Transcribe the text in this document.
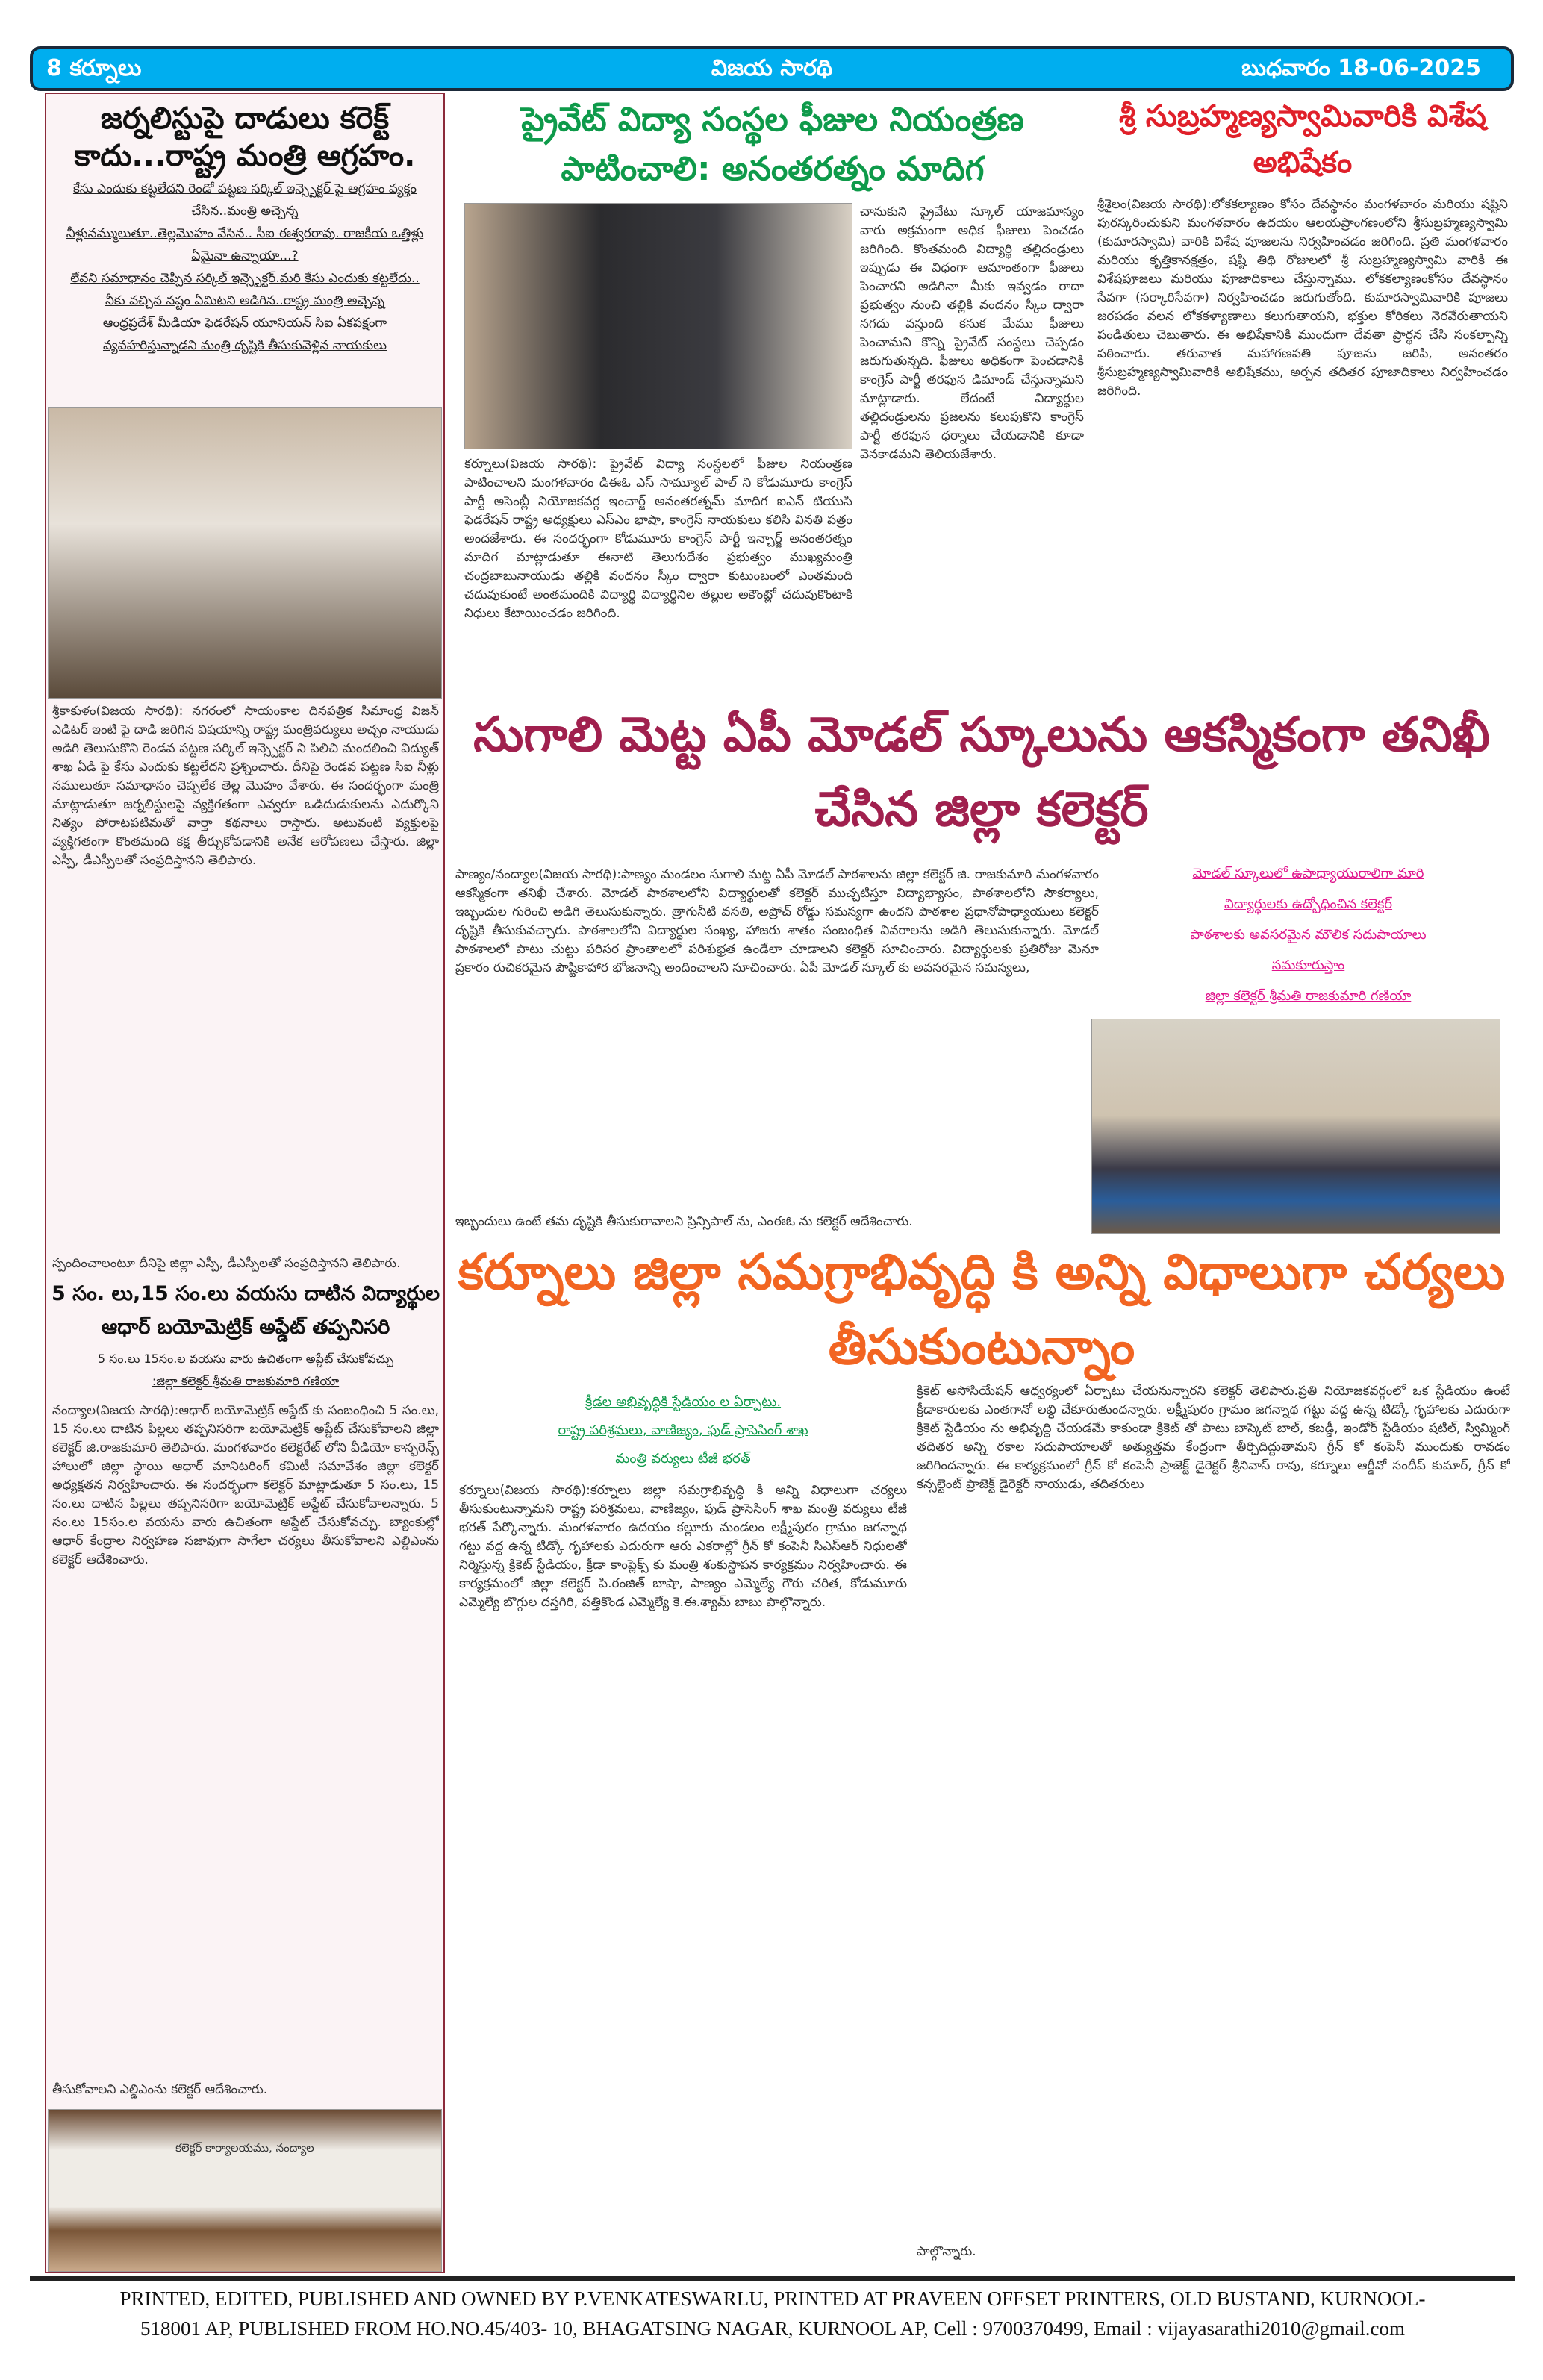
8 కర్నూలు	విజయ సారథి	బుధవారం 18-06-2025
జర్నలిస్టుపై దాడులు కరెక్ట్ కాదు...రాష్ట్ర మంత్రి ఆగ్రహం.
కేసు ఎందుకు కట్టలేదని రెండో పట్టణ సర్కిల్ ఇన్స్పెక్టర్ పై ఆగ్రహం వ్యక్తం చేసిన..మంత్రి అచ్చెన్న
నీళ్లునమ్ములుతూ..తెల్లమొహం వేసిన.. సీఐ ఈశ్వరరావు. రాజకీయ ఒత్తిళ్లు ఏమైనా ఉన్నాయా...?
లేవని సమాధానం చెప్పిన సర్కిల్ ఇన్స్పెక్టర్.మరి కేసు ఎందుకు కట్టలేదు..
నీకు వచ్చిన నష్టం ఏమిటని అడిగిన..రాష్ట్ర మంత్రి అచ్చెన్న
ఆంధ్రప్రదేశ్ మీడియా ఫెడరేషన్ యూనియన్ సిఐ ఏకపక్షంగా వ్యవహరిస్తున్నాడని మంత్రి దృష్టికి తీసుకువెళ్లిన నాయకులు
శ్రీకాకుళం(విజయ సారథి): నగరంలో సాయంకాల దినపత్రిక సిమాంధ్ర విజన్ ఎడిటర్ ఇంటి పై దాడి జరిగిన విషయాన్ని రాష్ట్ర మంత్రివర్యులు అచ్చం నాయుడు అడిగి తెలుసుకొని రెండవ పట్టణ సర్కిల్ ఇన్స్పెక్టర్ ని పిలిచి మందలించి విద్యుత్ శాఖ ఏడి పై కేసు ఎందుకు కట్టలేదని ప్రశ్నించారు. దీనిపై రెండవ పట్టణ సిఐ నీళ్లు నములుతూ సమాధానం చెప్పలేక తెల్ల మొహం వేశారు. ఈ సందర్భంగా మంత్రి మాట్లాడుతూ జర్నలిస్టులపై వ్యక్తిగతంగా ఎవ్వరూ ఒడిదుడుకులను ఎదుర్కొని నిత్యం పోరాటపటిమతో వార్తా కథనాలు రాస్తారు. అటువంటి వ్యక్తులపై వ్యక్తిగతంగా కొంతమంది కక్ష తీర్చుకోవడానికి అనేక ఆరోపణలు చేస్తారు. జిల్లా ఎస్పీ, డీఎస్పీలతో సంప్రదిస్తానని తెలిపారు.
స్పందించాలంటూ దీనిపై జిల్లా ఎస్పీ, డీఎస్పీలతో సంప్రదిస్తానని తెలిపారు.
5 సం. లు,15 సం.లు వయసు దాటిన విద్యార్థుల ఆధార్ బయోమెట్రిక్ అప్డేట్ తప్పనిసరి
5 సం.లు 15సం.ల వయసు వారు ఉచితంగా అప్డేట్ చేసుకోవచ్చు
:జిల్లా కలెక్టర్ శ్రీమతి రాజకుమారి గణియా
నంద్యాల(విజయ సారథి):ఆధార్ బయోమెట్రిక్ అప్డేట్ కు సంబంధించి 5 సం.లు, 15 సం.లు దాటిన పిల్లలు తప్పనిసరిగా బయోమెట్రిక్ అప్డేట్ చేసుకోవాలని జిల్లా కలెక్టర్ జి.రాజకుమారి తెలిపారు. మంగళవారం కలెక్టరేట్ లోని వీడియో కాన్ఫరెన్స్ హాలులో జిల్లా స్థాయి ఆధార్ మానిటరింగ్ కమిటీ సమావేశం జిల్లా కలెక్టర్ అధ్యక్షతన నిర్వహించారు. ఈ సందర్భంగా కలెక్టర్ మాట్లాడుతూ 5 సం.లు, 15 సం.లు దాటిన పిల్లలు తప్పనిసరిగా బయోమెట్రిక్ అప్డేట్ చేసుకోవాలన్నారు. 5 సం.లు 15సం.ల వయసు వారు ఉచితంగా అప్డేట్ చేసుకోవచ్చు. బ్యాంకుల్లో ఆధార్ కేంద్రాల నిర్వహణ సజావుగా సాగేలా చర్యలు తీసుకోవాలని ఎల్డిఎంను కలెక్టర్ ఆదేశించారు.
తీసుకోవాలని ఎల్డిఎంను కలెక్టర్ ఆదేశించారు.
కలెక్టర్ కార్యాలయము, నంద్యాల
ప్రైవేట్ విద్యా సంస్థల ఫీజుల నియంత్రణ పాటించాలి: అనంతరత్నం మాదిగ
కర్నూలు(విజయ సారథి): ప్రైవేట్ విద్యా సంస్థలలో ఫీజుల నియంత్రణ పాటించాలని మంగళవారం డిఈఓ ఎస్ సామ్యూల్ పాల్ ని కోడుమూరు కాంగ్రెస్ పార్టీ అసెంబ్లీ నియోజకవర్గ ఇంచార్జ్ అనంతరత్నమ్ మాదిగ ఐఎన్ టియుసి ఫెడరేషన్ రాష్ట్ర అధ్యక్షులు ఎస్ఎం భాషా, కాంగ్రెస్ నాయకులు కలిసి వినతి పత్రం అందజేశారు. ఈ సందర్భంగా కోడుమూరు కాంగ్రెస్ పార్టీ ఇన్చార్జ్ అనంతరత్నం మాదిగ మాట్లాడుతూ ఈనాటి తెలుగుదేశం ప్రభుత్వం ముఖ్యమంత్రి చంద్రబాబునాయుడు తల్లికి వందనం స్కీం ద్వారా కుటుంబంలో ఎంతమంది చదువుకుంటే అంతమందికి విద్యార్థి విద్యార్థినిల తల్లుల అకౌంట్లో చదువుకొంటాకి నిధులు కేటాయించడం జరిగింది.
చానుకుని ప్రైవేటు స్కూల్ యాజమాన్యం వారు అక్రమంగా అధిక ఫీజులు పెంచడం జరిగింది. కొంతమంది విద్యార్థి తల్లిదండ్రులు ఇప్పుడు ఈ విధంగా ఆమాంతంగా ఫీజులు పెంచారని అడిగినా మీకు ఇవ్వడం రాదా ప్రభుత్వం నుంచి తల్లికి వందనం స్కీం ద్వారా నగదు వస్తుంది కనుక మేము ఫీజులు పెంచామని కొన్ని ప్రైవేట్ సంస్థలు చెప్పడం జరుగుతున్నది. ఫీజులు అధికంగా పెంచడానికి కాంగ్రెస్ పార్టీ తరఫున డిమాండ్ చేస్తున్నామని మాట్లాడారు. లేదంటే విద్యార్థుల తల్లిదండ్రులను ప్రజలను కలుపుకొని కాంగ్రెస్ పార్టీ తరఫున ధర్నాలు చేయడానికి కూడా వెనకాడమని తెలియజేశారు.
శ్రీ సుబ్రహ్మణ్యస్వామివారికి విశేష అభిషేకం
శ్రీశైలం(విజయ సారథి):లోకకల్యాణం కోసం దేవస్థానం మంగళవారం మరియు షష్టిని పురస్కరించుకుని మంగళవారం ఉదయం ఆలయప్రాంగణంలోని శ్రీసుబ్రహ్మణ్యస్వామి (కుమారస్వామి) వారికి విశేష పూజలను నిర్వహించడం జరిగింది. ప్రతి మంగళవారం మరియు కృత్తికానక్షత్రం, షష్ఠి తిథి రోజులలో శ్రీ సుబ్రహ్మణ్యస్వామి వారికి ఈ విశేషపూజలు మరియు పూజాదికాలు చేస్తున్నాము. లోకకల్యాణంకోసం దేవస్థానం సేవగా (సర్కారిసేవగా) నిర్వహించడం జరుగుతోంది. కుమారస్వామివారికి పూజలు జరపడం వలన లోకకళ్యాణాలు కలుగుతాయని, భక్తుల కోరికలు నెరవేరుతాయని పండితులు చెబుతారు. ఈ అభిషేకానికి ముందుగా దేవతా ప్రార్థన చేసి సంకల్పాన్ని పఠించారు. తరువాత మహాగణపతి పూజను జరిపి, అనంతరం శ్రీసుబ్రహ్మణ్యస్వామివారికి అభిషేకము, అర్చన తదితర పూజాదికాలు నిర్వహించడం జరిగింది.
సుగాలి మెట్ట ఏపీ మోడల్ స్కూలును ఆకస్మికంగా తనిఖీ చేసిన జిల్లా కలెక్టర్
పాణ్యం/నంద్యాల(విజయ సారథి):పాణ్యం మండలం సుగాలి మట్ట ఏపీ మోడల్ పాఠశాలను జిల్లా కలెక్టర్ జి. రాజకుమారి మంగళవారం ఆకస్మికంగా తనిఖీ చేశారు. మోడల్ పాఠశాలలోని విద్యార్థులతో కలెక్టర్ ముచ్చటిస్తూ విద్యాభ్యాసం, పాఠశాలలోని సౌకర్యాలు, ఇబ్బందుల గురించి అడిగి తెలుసుకున్నారు. త్రాగునీటి వసతి, అప్రోచ్ రోడ్డు సమస్యగా ఉందని పాఠశాల ప్రధానోపాధ్యాయులు కలెక్టర్ దృష్టికి తీసుకువచ్చారు. పాఠశాలలోని విద్యార్థుల సంఖ్య, హాజరు శాతం సంబంధిత వివరాలను అడిగి తెలుసుకున్నారు. మోడల్ పాఠశాలలో పాటు చుట్టు పరిసర ప్రాంతాలలో పరిశుభ్రత ఉండేలా చూడాలని కలెక్టర్ సూచించారు. విద్యార్థులకు ప్రతిరోజు మెనూ ప్రకారం రుచికరమైన పౌష్టికాహార భోజనాన్ని అందించాలని సూచించారు. ఏపీ మోడల్ స్కూల్ కు అవసరమైన సమస్యలు,
ఇబ్బందులు ఉంటే తమ దృష్టికి తీసుకురావాలని ప్రిన్సిపాల్ ను, ఎంఈఓ ను కలెక్టర్ ఆదేశించారు.
మోడల్ స్కూలులో ఉపాధ్యాయురాలిగా మారి
విద్యార్థులకు ఉద్బోధించిన కలెక్టర్
పాఠశాలకు అవసరమైన మౌలిక సదుపాయాలు
సమకూరుస్తాం
జిల్లా కలెక్టర్ శ్రీమతి రాజకుమారి గణియా
కర్నూలు జిల్లా సమగ్రాభివృద్ధి కి అన్ని విధాలుగా చర్యలు తీసుకుంటున్నాం
క్రీడల అభివృద్ధికి స్టేడియం ల ఏర్పాటు.
రాష్ట్ర పరిశ్రమలు, వాణిజ్యం, ఫుడ్ ప్రాసెసింగ్ శాఖ
మంత్రి వర్యులు టీజీ భరత్
కర్నూలు(విజయ సారథి):కర్నూలు జిల్లా సమగ్రాభివృద్ధి కి అన్ని విధాలుగా చర్యలు తీసుకుంటున్నామని రాష్ట్ర పరిశ్రమలు, వాణిజ్యం, ఫుడ్ ప్రాసెసింగ్ శాఖ మంత్రి వర్యులు టీజీ భరత్ పేర్కొన్నారు. మంగళవారం ఉదయం కల్లూరు మండలం లక్ష్మీపురం గ్రామం జగన్నాథ గట్టు వద్ద ఉన్న టిడ్కో గృహాలకు ఎదురుగా ఆరు ఎకరాల్లో గ్రీన్ కో కంపెనీ సిఎస్ఆర్ నిధులతో నిర్మిస్తున్న క్రికెట్ స్టేడియం, క్రీడా కాంప్లెక్స్ కు మంత్రి శంకుస్థాపన కార్యక్రమం నిర్వహించారు. ఈ కార్యక్రమంలో జిల్లా కలెక్టర్ పి.రంజిత్ బాషా, పాణ్యం ఎమ్మెల్యే గౌరు చరిత, కోడుమూరు ఎమ్మెల్యే బొగ్గుల దస్తగిరి, పత్తికొండ ఎమ్మెల్యే కె.ఈ.శ్యామ్ బాబు పాల్గొన్నారు.
క్రికెట్ అసోసియేషన్ ఆధ్వర్యంలో ఏర్పాటు చేయనున్నారని కలెక్టర్ తెలిపారు.ప్రతి నియోజకవర్గంలో ఒక స్టేడియం ఉంటే క్రీడాకారులకు ఎంతగానో లబ్ధి చేకూరుతుందన్నారు. లక్ష్మీపురం గ్రామం జగన్నాథ గట్టు వద్ద ఉన్న టిడ్కో గృహాలకు ఎదురుగా క్రికెట్ స్టేడియం ను అభివృద్ధి చేయడమే కాకుండా క్రికెట్ తో పాటు బాస్కెట్ బాల్, కబడ్డీ, ఇండోర్ స్టేడియం షటిల్, స్విమ్మింగ్ తదితర అన్ని రకాల సదుపాయాలతో అత్యుత్తమ కేంద్రంగా తీర్చిదిద్దుతామని గ్రీన్ కో కంపెనీ ముందుకు రావడం జరిగిందన్నారు. ఈ కార్యక్రమంలో గ్రీన్ కో కంపెనీ ప్రాజెక్ట్ డైరెక్టర్ శ్రీనివాస్ రావు, కర్నూలు ఆర్డీవో సందీప్ కుమార్, గ్రీన్ కో కన్సల్టెంట్ ప్రాజెక్ట్ డైరెక్టర్ నాయుడు, తదితరులు
పాల్గొన్నారు.
PRINTED, EDITED, PUBLISHED AND OWNED BY P.VENKATESWARLU, PRINTED AT PRAVEEN OFFSET PRINTERS, OLD BUSTAND, KURNOOL-
518001 AP, PUBLISHED FROM HO.NO.45/403- 10, BHAGATSING NAGAR, KURNOOL AP, Cell : 9700370499, Email : vijayasarathi2010@gmail.com
